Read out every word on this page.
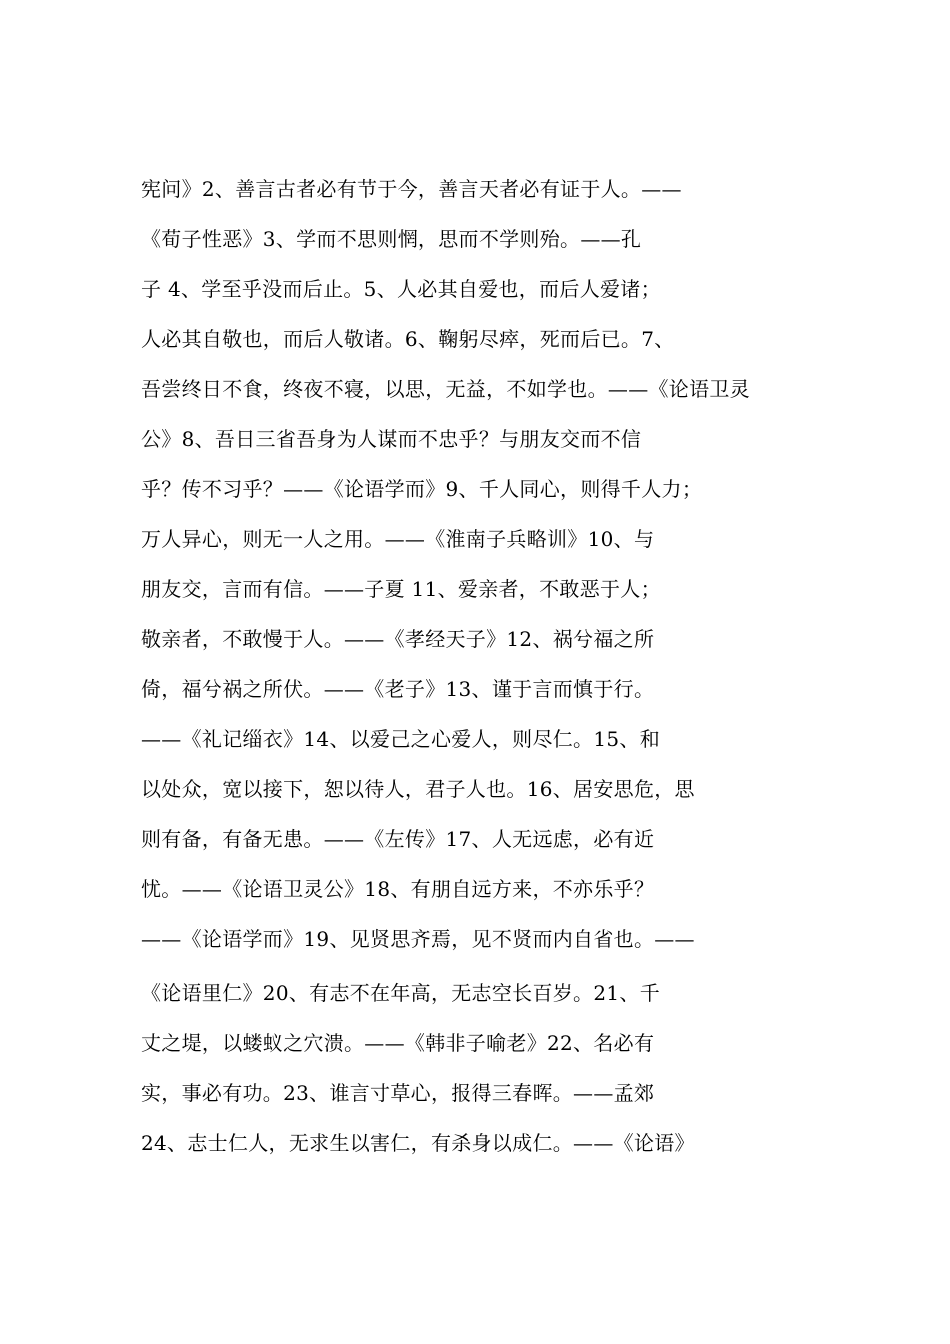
宪问》2、善言古者必有节于今，善言天者必有证于人。——
《荀子性恶》3、学而不思则惘，思而不学则殆。——孔
子 4、学至乎没而后止。5、人必其自爱也，而后人爱诸；
人必其自敬也，而后人敬诸。6、鞠躬尽瘁，死而后已。7、
吾尝终日不食，终夜不寝，以思，无益，不如学也。——《论语卫灵
公》8、吾日三省吾身为人谋而不忠乎？与朋友交而不信
乎？传不习乎？——《论语学而》9、千人同心，则得千人力；
万人异心，则无一人之用。——《淮南子兵略训》10、与
朋友交，言而有信。——子夏 11、爱亲者，不敢恶于人；
敬亲者，不敢慢于人。——《孝经天子》12、祸兮福之所
倚，福兮祸之所伏。——《老子》13、谨于言而慎于行。
——《礼记缁衣》14、以爱己之心爱人，则尽仁。15、和
以处众，宽以接下，恕以待人，君子人也。16、居安思危，思
则有备，有备无患。——《左传》17、人无远虑，必有近
忧。——《论语卫灵公》18、有朋自远方来，不亦乐乎？
——《论语学而》19、见贤思齐焉，见不贤而内自省也。——
《论语里仁》20、有志不在年高，无志空长百岁。21、千
丈之堤，以蝼蚁之穴溃。——《韩非子喻老》22、名必有
实，事必有功。23、谁言寸草心，报得三春晖。——孟郊
24、志士仁人，无求生以害仁，有杀身以成仁。——《论语》
